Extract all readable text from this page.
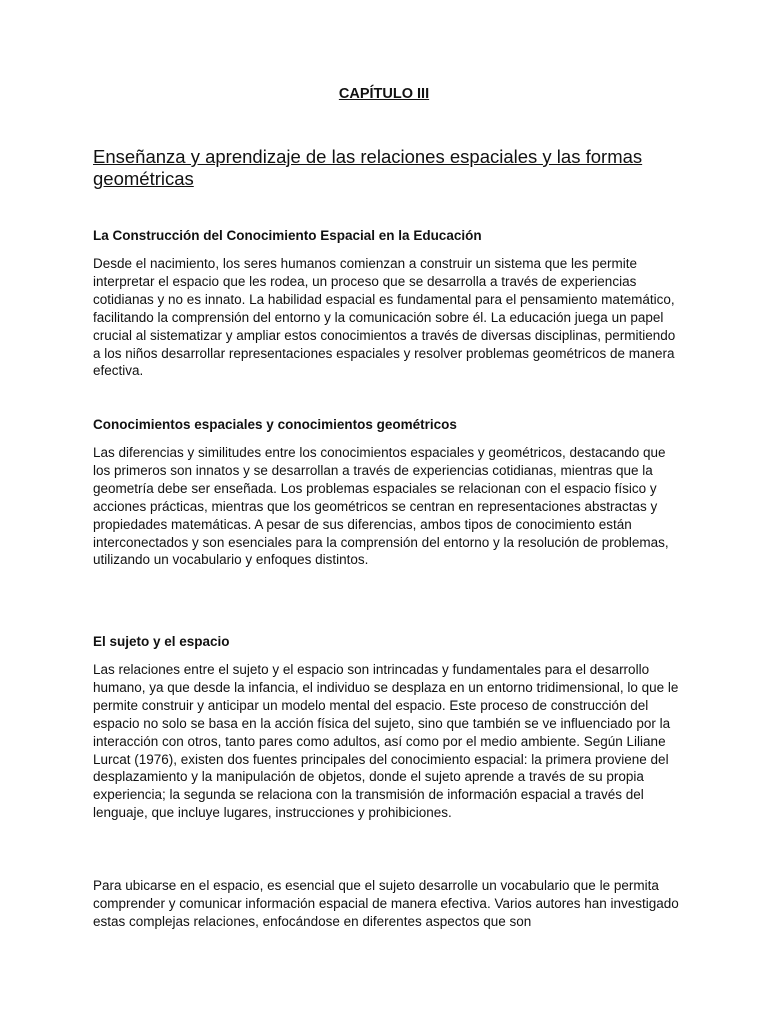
CAPÍTULO III
Enseñanza y aprendizaje de las relaciones espaciales y las formas geométricas
La Construcción del Conocimiento Espacial en la Educación

Desde el nacimiento, los seres humanos comienzan a construir un sistema que les permite interpretar el espacio que les rodea, un proceso que se desarrolla a través de experiencias cotidianas y no es innato. La habilidad espacial es fundamental para el pensamiento matemático, facilitando la comprensión del entorno y la comunicación sobre él. La educación juega un papel crucial al sistematizar y ampliar estos conocimientos a través de diversas disciplinas, permitiendo a los niños desarrollar representaciones espaciales y resolver problemas geométricos de manera efectiva.

Conocimientos espaciales y conocimientos geométricos

Las diferencias y similitudes entre los conocimientos espaciales y geométricos, destacando que los primeros son innatos y se desarrollan a través de experiencias cotidianas, mientras que la geometría debe ser enseñada. Los problemas espaciales se relacionan con el espacio físico y acciones prácticas, mientras que los geométricos se centran en representaciones abstractas y propiedades matemáticas. A pesar de sus diferencias, ambos tipos de conocimiento están interconectados y son esenciales para la comprensión del entorno y la resolución de problemas, utilizando un vocabulario y enfoques distintos.

El sujeto y el espacio

Las relaciones entre el sujeto y el espacio son intrincadas y fundamentales para el desarrollo humano, ya que desde la infancia, el individuo se desplaza en un entorno tridimensional, lo que le permite construir y anticipar un modelo mental del espacio. Este proceso de construcción del espacio no solo se basa en la acción física del sujeto, sino que también se ve influenciado por la interacción con otros, tanto pares como adultos, así como por el medio ambiente. Según Liliane Lurcat (1976), existen dos fuentes principales del conocimiento espacial: la primera proviene del desplazamiento y la manipulación de objetos, donde el sujeto aprende a través de su propia experiencia; la segunda se relaciona con la transmisión de información espacial a través del lenguaje, que incluye lugares, instrucciones y prohibiciones.

Para ubicarse en el espacio, es esencial que el sujeto desarrolle un vocabulario que le permita comprender y comunicar información espacial de manera efectiva. Varios autores han investigado estas complejas relaciones, enfocándose en diferentes aspectos que son
